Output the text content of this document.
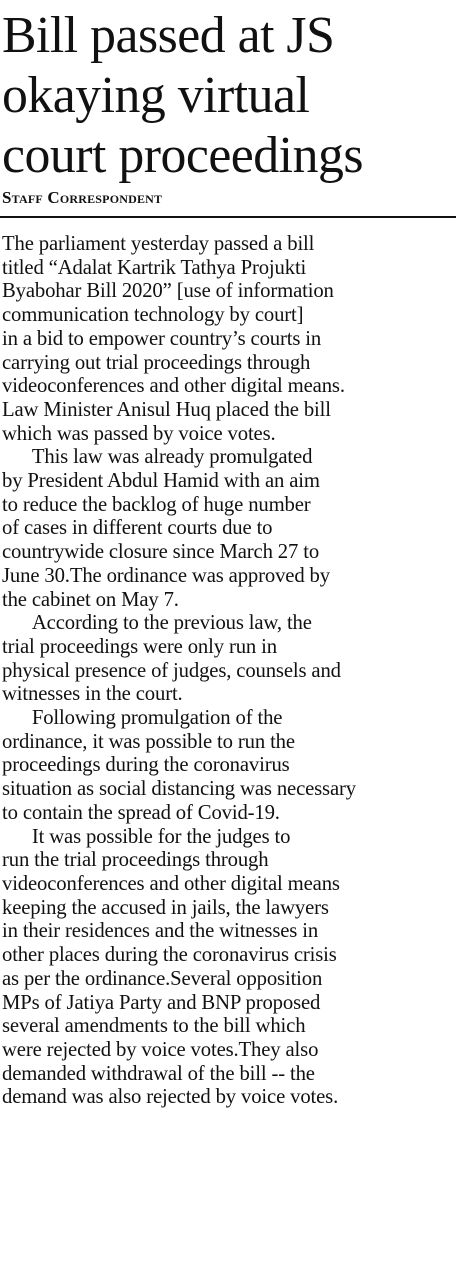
Bill passed at JS
okaying virtual
court proceedings
Staff Correspondent
The parliament yesterday passed a bill
titled “Adalat Kartrik Tathya Projukti
Byabohar Bill 2020” [use of information
communication technology by court]
in a bid to empower country’s courts in
carrying out trial proceedings through
videoconferences and other digital means.
Law Minister Anisul Huq placed the bill
which was passed by voice votes.
This law was already promulgated
by President Abdul Hamid with an aim
to reduce the backlog of huge number
of cases in different courts due to
countrywide closure since March 27 to
June 30.The ordinance was approved by
the cabinet on May 7.
According to the previous law, the
trial proceedings were only run in
physical presence of judges, counsels and
witnesses in the court.
Following promulgation of the
ordinance, it was possible to run the
proceedings during the coronavirus
situation as social distancing was necessary
to contain the spread of Covid-19.
It was possible for the judges to
run the trial proceedings through
videoconferences and other digital means
keeping the accused in jails, the lawyers
in their residences and the witnesses in
other places during the coronavirus crisis
as per the ordinance.Several opposition
MPs of Jatiya Party and BNP proposed
several amendments to the bill which
were rejected by voice votes.They also
demanded withdrawal of the bill -- the
demand was also rejected by voice votes.
